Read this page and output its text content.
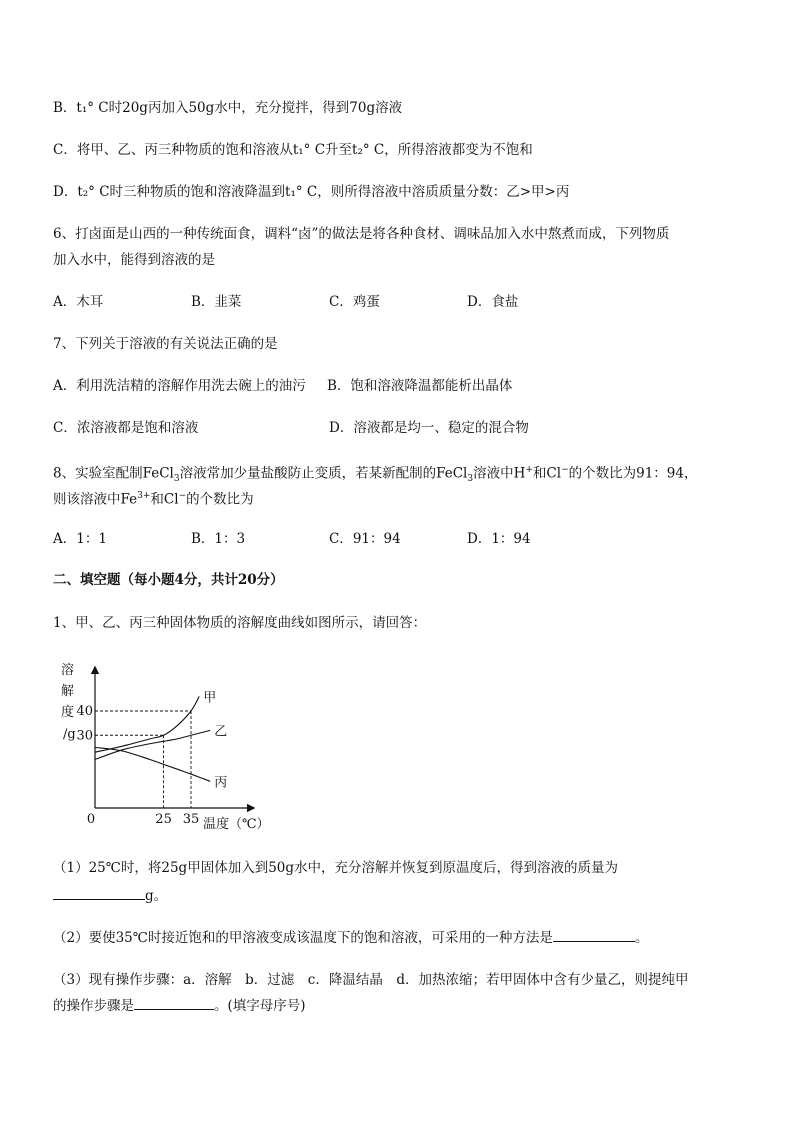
B．t₁° C时20g丙加入50g水中，充分搅拌，得到70g溶液
C．将甲、乙、丙三种物质的饱和溶液从t₁° C升至t₂° C，所得溶液都变为不饱和
D．t₂° C时三种物质的饱和溶液降温到t₁° C，则所得溶液中溶质质量分数：乙>甲>丙
6、打卤面是山西的一种传统面食，调料“卤”的做法是将各种食材、调味品加入水中熬煮而成，下列物质
加入水中，能得到溶液的是
A．木耳	B．韭菜	C．鸡蛋	D．食盐
7、下列关于溶液的有关说法正确的是
A．利用洗洁精的溶解作用洗去碗上的油污 B．饱和溶液降温都能析出晶体
C．浓溶液都是饱和溶液	D．溶液都是均一、稳定的混合物
8、实验室配制FeCl$_3$溶液常加少量盐酸防止变质，若某新配制的FeCl$_3$溶液中H+和Cl−的个数比为91：94，
则该溶液中$Fe^{3+}$和Cl−的个数比为
A．1：1	B．1：3	C．91：94	D．1：94
二、填空题（每小题4分，共计20分）
1、甲、乙、丙三种固体物质的溶解度曲线如图所示，请回答：
甲
乙
丙
溶
解
度
/g 30
40
25 35
0	温度（℃）
（1）25℃时，将25g甲固体加入到50g水中，充分溶解并恢复到原温度后，得到溶液的质量为
g。
（2）要使35℃时接近饱和的甲溶液变成该温度下的饱和溶液，可采用的一种方法是	。
（3）现有操作步骤：a．溶解　b．过滤　c．降温结晶　d．加热浓缩；若甲固体中含有少量乙，则提纯甲
的操作步骤是	。(填字母序号)
